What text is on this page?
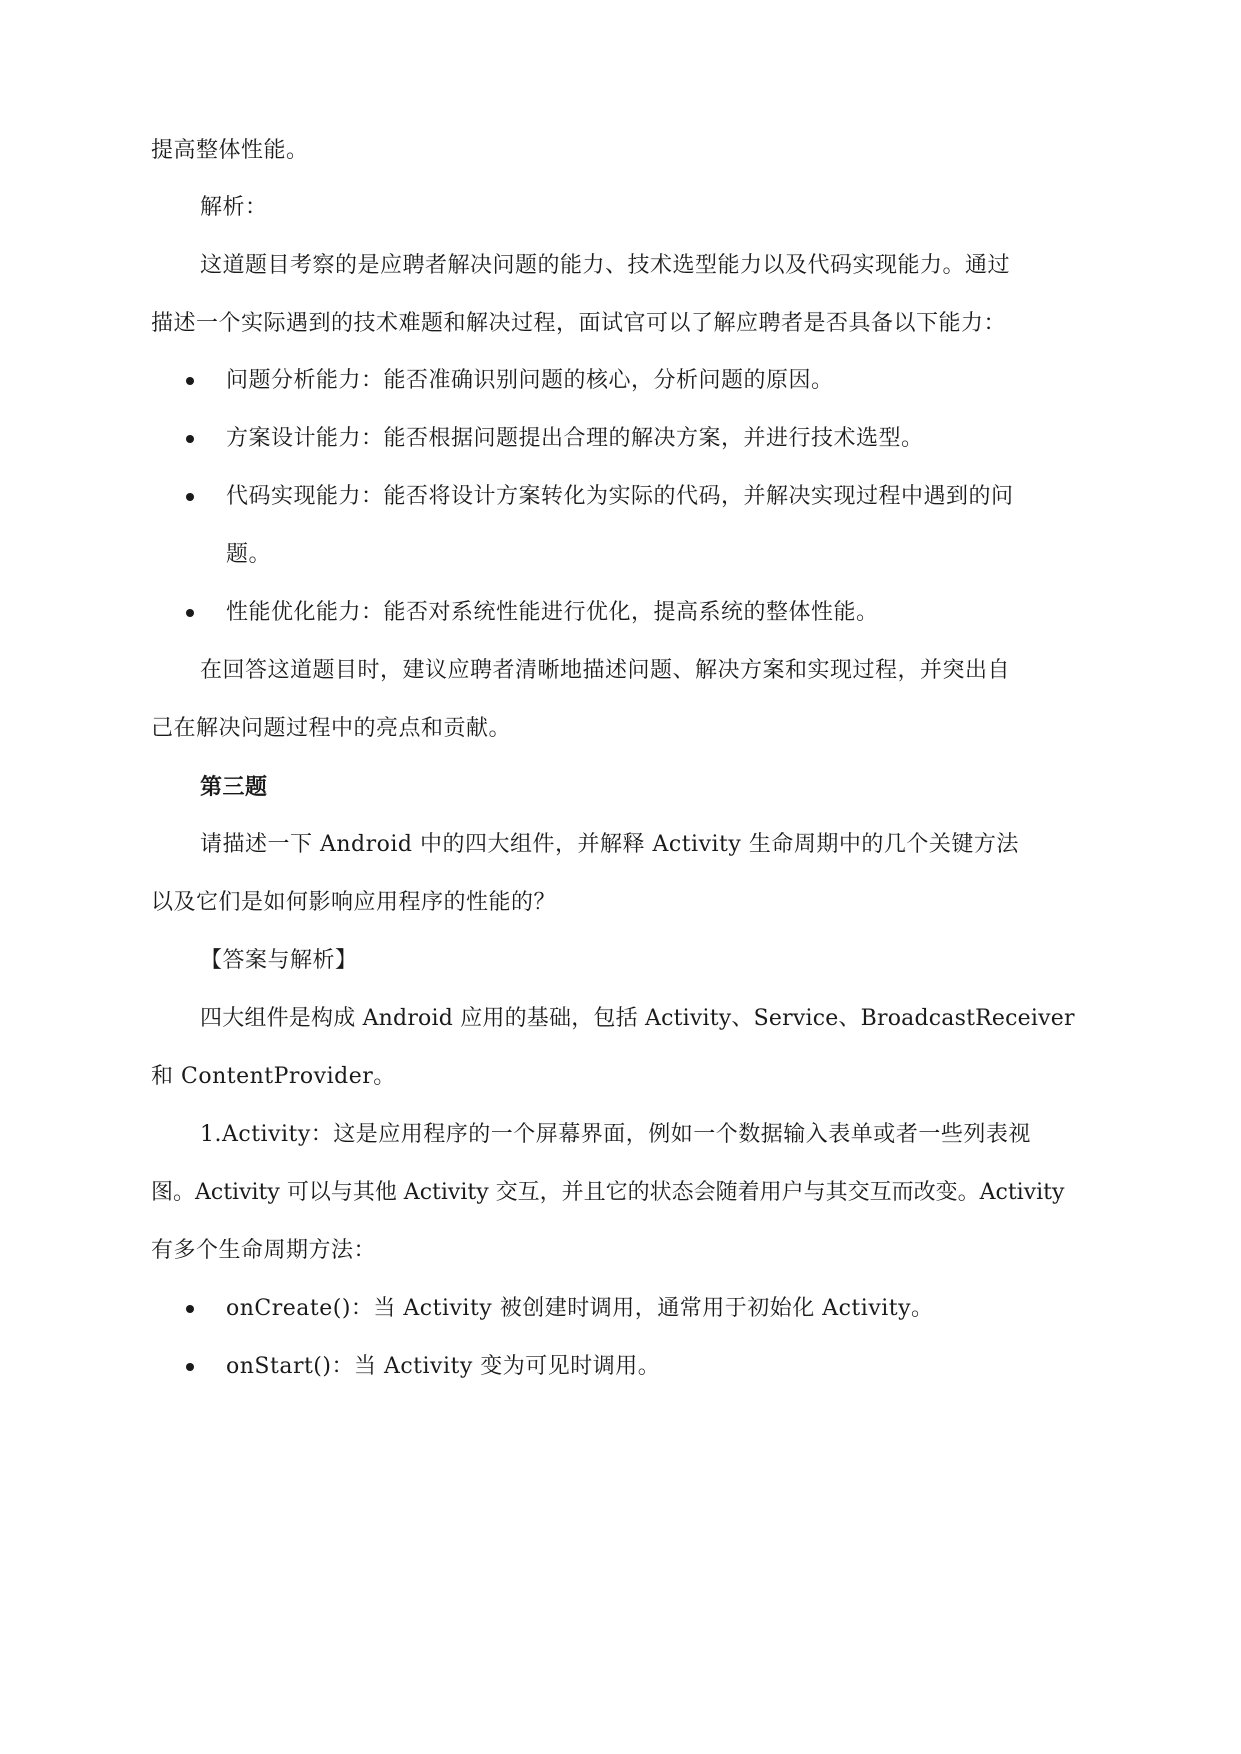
提高整体性能。
解析：
这道题目考察的是应聘者解决问题的能力、技术选型能力以及代码实现能力。通过
描述一个实际遇到的技术难题和解决过程，面试官可以了解应聘者是否具备以下能力：
问题分析能力：能否准确识别问题的核心，分析问题的原因。
方案设计能力：能否根据问题提出合理的解决方案，并进行技术选型。
代码实现能力：能否将设计方案转化为实际的代码，并解决实现过程中遇到的问
题。
性能优化能力：能否对系统性能进行优化，提高系统的整体性能。
在回答这道题目时，建议应聘者清晰地描述问题、解决方案和实现过程，并突出自
己在解决问题过程中的亮点和贡献。
第三题
请描述一下 Android 中的四大组件，并解释 Activity 生命周期中的几个关键方法
以及它们是如何影响应用程序的性能的？
【答案与解析】
四大组件是构成 Android 应用的基础，包括 Activity、Service、BroadcastReceiver
和 ContentProvider。
1.Activity：这是应用程序的一个屏幕界面，例如一个数据输入表单或者一些列表视
图。Activity 可以与其他 Activity 交互，并且它的状态会随着用户与其交互而改变。Activity
有多个生命周期方法：
onCreate()：当 Activity 被创建时调用，通常用于初始化 Activity。
onStart()：当 Activity 变为可见时调用。
